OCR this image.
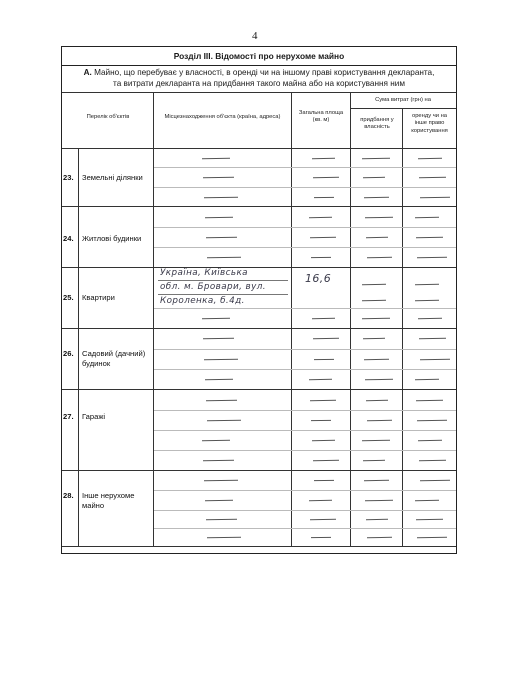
4
Розділ III. Відомості про нерухоме майно
А. Майно, що перебуває у власності, в оренді чи на іншому праві користування декларанта,
та витрати декларанта на придбання такого майна або на користування ним
Перелік об'єктів	Місцезнаходження об'єкта (країна, адреса)
Загальна площа (кв. м)
Сума витрат (грн) на
придбання у власність
оренду чи на інше право користування
23. Земельні ділянки
24. Житлові будинки
25. Квартири
26. Садовий (дачний) будинок
27. Гаражі
28. Інше нерухоме майно
Україна, Київська
обл. м. Бровари, вул.
Короленка, б.4д.
16,6
